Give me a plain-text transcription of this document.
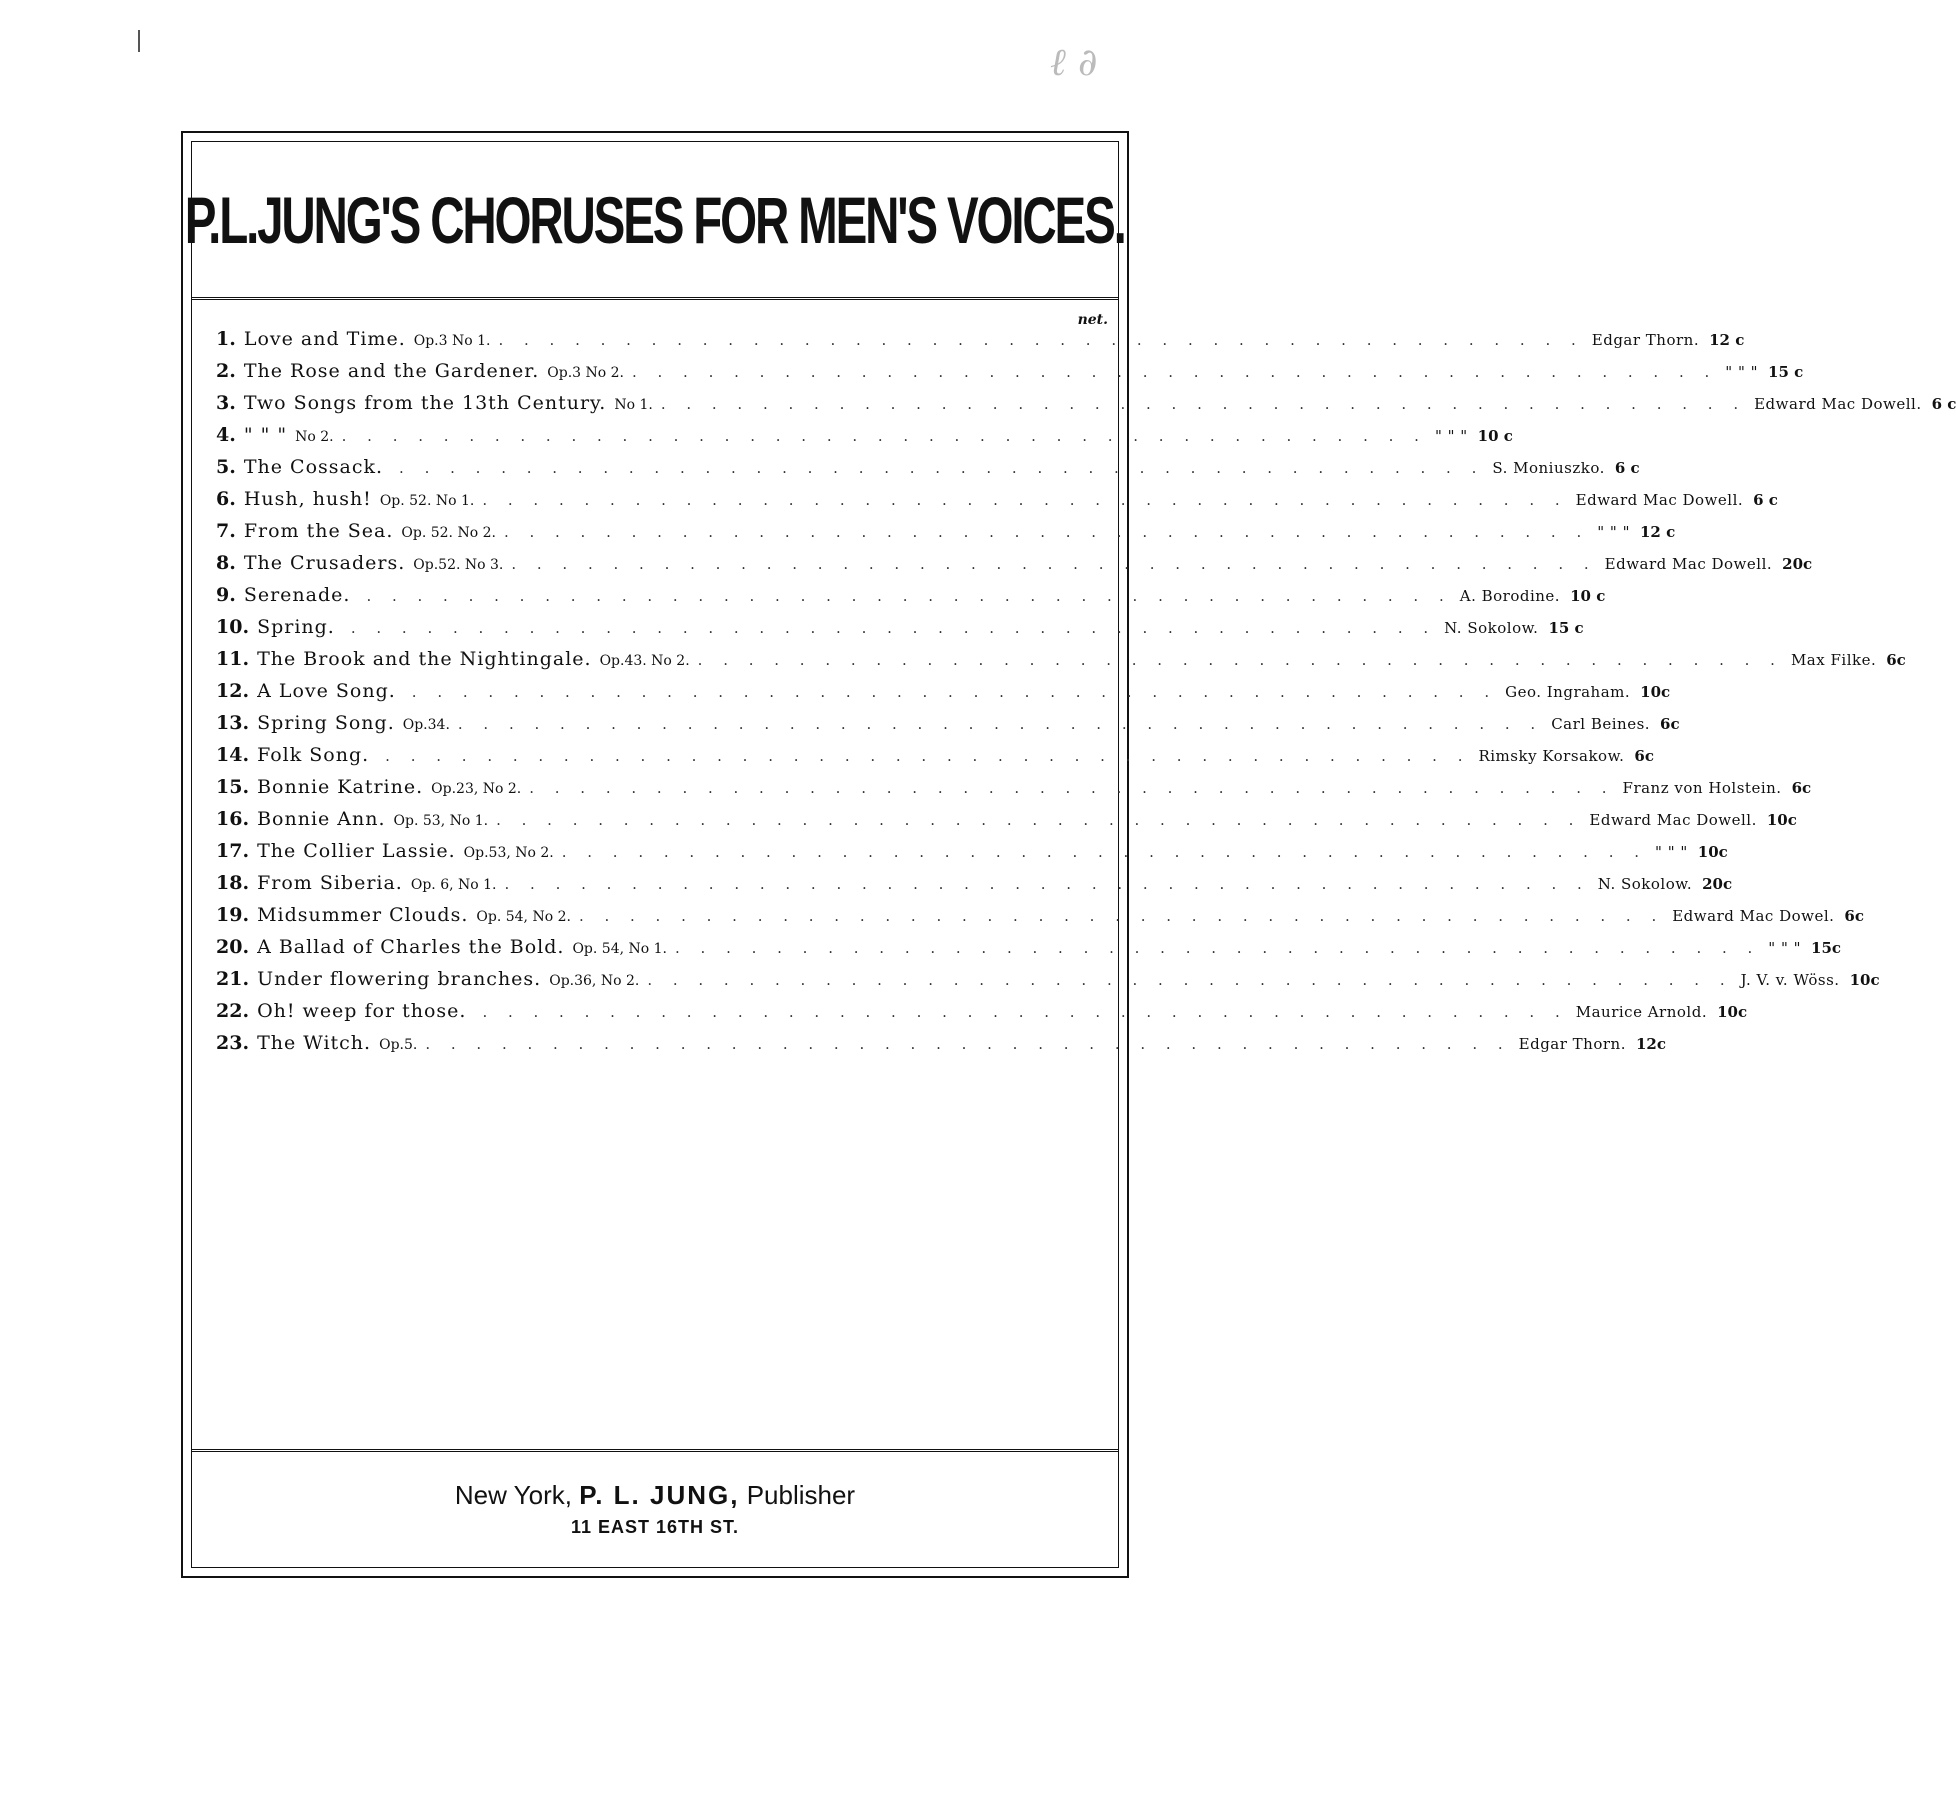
ℓ ∂
P.L.JUNG'S CHORUSES FOR MEN'S VOICES.
net.
1. Love and Time. Op.3 No 1. . . . . . . . . . . . . . . . . . . . . . . . . . . . . . . . . . . . . . . . . . . . Edgar Thorn. 12 c
2. The Rose and the Gardener. Op.3 No 2. . . . . . . . . . . . . . . . . . . . . . . . . . . . . . . . . . . . . . . . . . . . " " " 15 c
3. Two Songs from the 13th Century. No 1. . . . . . . . . . . . . . . . . . . . . . . . . . . . . . . . . . . . . . . . . . . . Edward Mac Dowell. 6 c
4. " " " No 2. . . . . . . . . . . . . . . . . . . . . . . . . . . . . . . . . . . . . . . . . . . . " " " 10 c
5. The Cossack. . . . . . . . . . . . . . . . . . . . . . . . . . . . . . . . . . . . . . . . . . . . S. Moniuszko. 6 c
6. Hush, hush! Op. 52. No 1. . . . . . . . . . . . . . . . . . . . . . . . . . . . . . . . . . . . . . . . . . . . Edward Mac Dowell. 6 c
7. From the Sea. Op. 52. No 2. . . . . . . . . . . . . . . . . . . . . . . . . . . . . . . . . . . . . . . . . . . . " " " 12 c
8. The Crusaders. Op.52. No 3. . . . . . . . . . . . . . . . . . . . . . . . . . . . . . . . . . . . . . . . . . . . Edward Mac Dowell. 20c
9. Serenade. . . . . . . . . . . . . . . . . . . . . . . . . . . . . . . . . . . . . . . . . . . . A. Borodine. 10 c
10. Spring. . . . . . . . . . . . . . . . . . . . . . . . . . . . . . . . . . . . . . . . . . . . N. Sokolow. 15 c
11. The Brook and the Nightingale. Op.43. No 2. . . . . . . . . . . . . . . . . . . . . . . . . . . . . . . . . . . . . . . . . . . . Max Filke. 6c
12. A Love Song. . . . . . . . . . . . . . . . . . . . . . . . . . . . . . . . . . . . . . . . . . . . Geo. Ingraham. 10c
13. Spring Song. Op.34. . . . . . . . . . . . . . . . . . . . . . . . . . . . . . . . . . . . . . . . . . . . Carl Beines. 6c
14. Folk Song. . . . . . . . . . . . . . . . . . . . . . . . . . . . . . . . . . . . . . . . . . . . Rimsky Korsakow. 6c
15. Bonnie Katrine. Op.23, No 2. . . . . . . . . . . . . . . . . . . . . . . . . . . . . . . . . . . . . . . . . . . . Franz von Holstein. 6c
16. Bonnie Ann. Op. 53, No 1. . . . . . . . . . . . . . . . . . . . . . . . . . . . . . . . . . . . . . . . . . . . Edward Mac Dowell. 10c
17. The Collier Lassie. Op.53, No 2. . . . . . . . . . . . . . . . . . . . . . . . . . . . . . . . . . . . . . . . . . . . " " " 10c
18. From Siberia. Op. 6, No 1. . . . . . . . . . . . . . . . . . . . . . . . . . . . . . . . . . . . . . . . . . . . N. Sokolow. 20c
19. Midsummer Clouds. Op. 54, No 2. . . . . . . . . . . . . . . . . . . . . . . . . . . . . . . . . . . . . . . . . . . . Edward Mac Dowel. 6c
20. A Ballad of Charles the Bold. Op. 54, No 1. . . . . . . . . . . . . . . . . . . . . . . . . . . . . . . . . . . . . . . . . . . . " " " 15c
21. Under flowering branches. Op.36, No 2. . . . . . . . . . . . . . . . . . . . . . . . . . . . . . . . . . . . . . . . . . . . J. V. v. Wöss. 10c
22. Oh! weep for those. . . . . . . . . . . . . . . . . . . . . . . . . . . . . . . . . . . . . . . . . . . . Maurice Arnold. 10c
23. The Witch. Op.5. . . . . . . . . . . . . . . . . . . . . . . . . . . . . . . . . . . . . . . . . . . . Edgar Thorn. 12c
New York, P. L. JUNG, Publisher
11 EAST 16TH ST.
